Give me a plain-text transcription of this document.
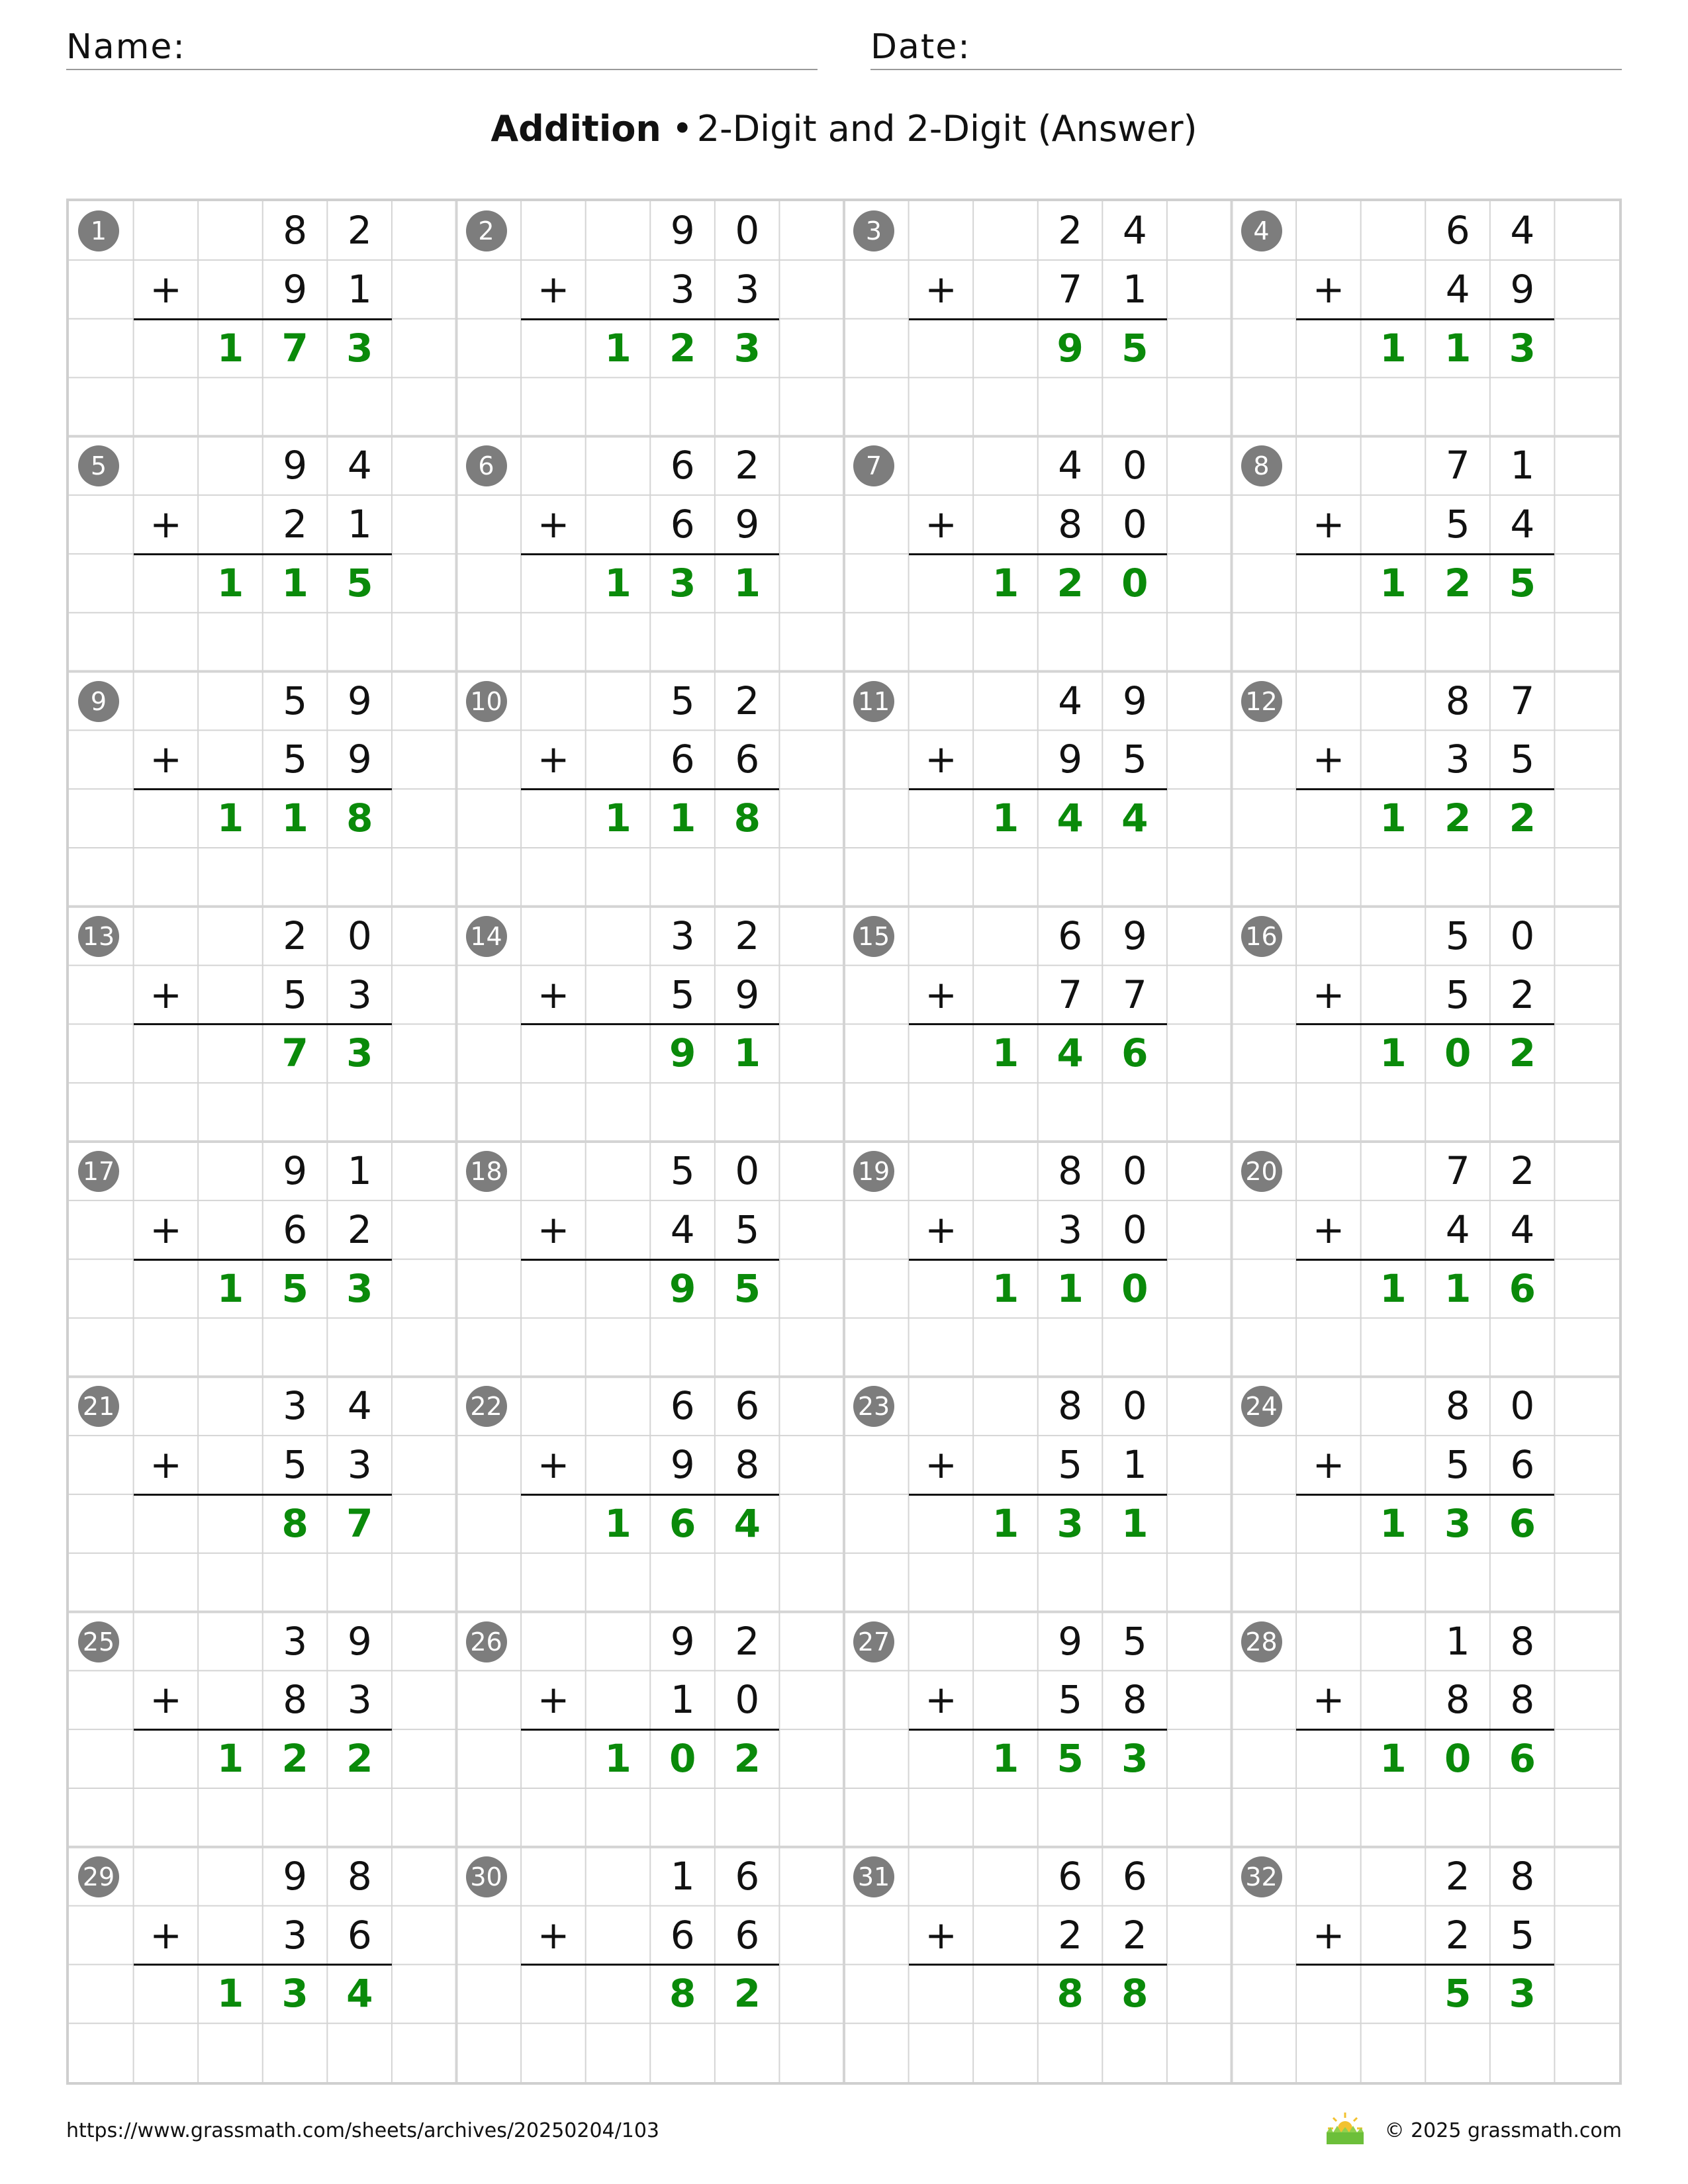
Name:	Date:
Addition • 2-Digit and 2-Digit (Answer)
1	8	2
+	9	1
1 7 3
2	9	0
+	3	3
1 2 3
3	2	4
+	7	1
9 5
4	6	4
+	4	9
1 1 3
5	9	4
+	2	1
1 1 5
6	6	2
+	6	9
1 3 1
7	4	0
+	8	0
1 2 0
8	7	1
+	5	4
1 2 5
9	5	9
+	5	9
1 1 8
10	5	2
+	6	6
1 1 8
11	4	9
+	9	5
1 4 4
12	8	7
+	3	5
1 2 2
13	2	0
+	5	3
7 3
14	3	2
+	5	9
9 1
15	6	9
+	7	7
1 4 6
16	5	0
+	5	2
1 0 2
17	9	1
+	6	2
1 5 3
18	5	0
+	4	5
9 5
19	8	0
+	3	0
1 1 0
20	7	2
+	4	4
1 1 6
21	3	4
+	5	3
8 7
22	6	6
+	9	8
1 6 4
23	8	0
+	5	1
1 3 1
24	8	0
+	5	6
1 3 6
25	3	9
+	8	3
1 2 2
26	9	2
+	1	0
1 0 2
27	9	5
+	5	8
1 5 3
28	1	8
+	8	8
1 0 6
29	9	8
+	3	6
1 3 4
30	1	6
+	6	6
8 2
31	6	6
+	2	2
8 8
32	2	8
+	2	5
5 3
https://www.grassmath.com/sheets/archives/20250204/103	© 2025 grassmath.com
